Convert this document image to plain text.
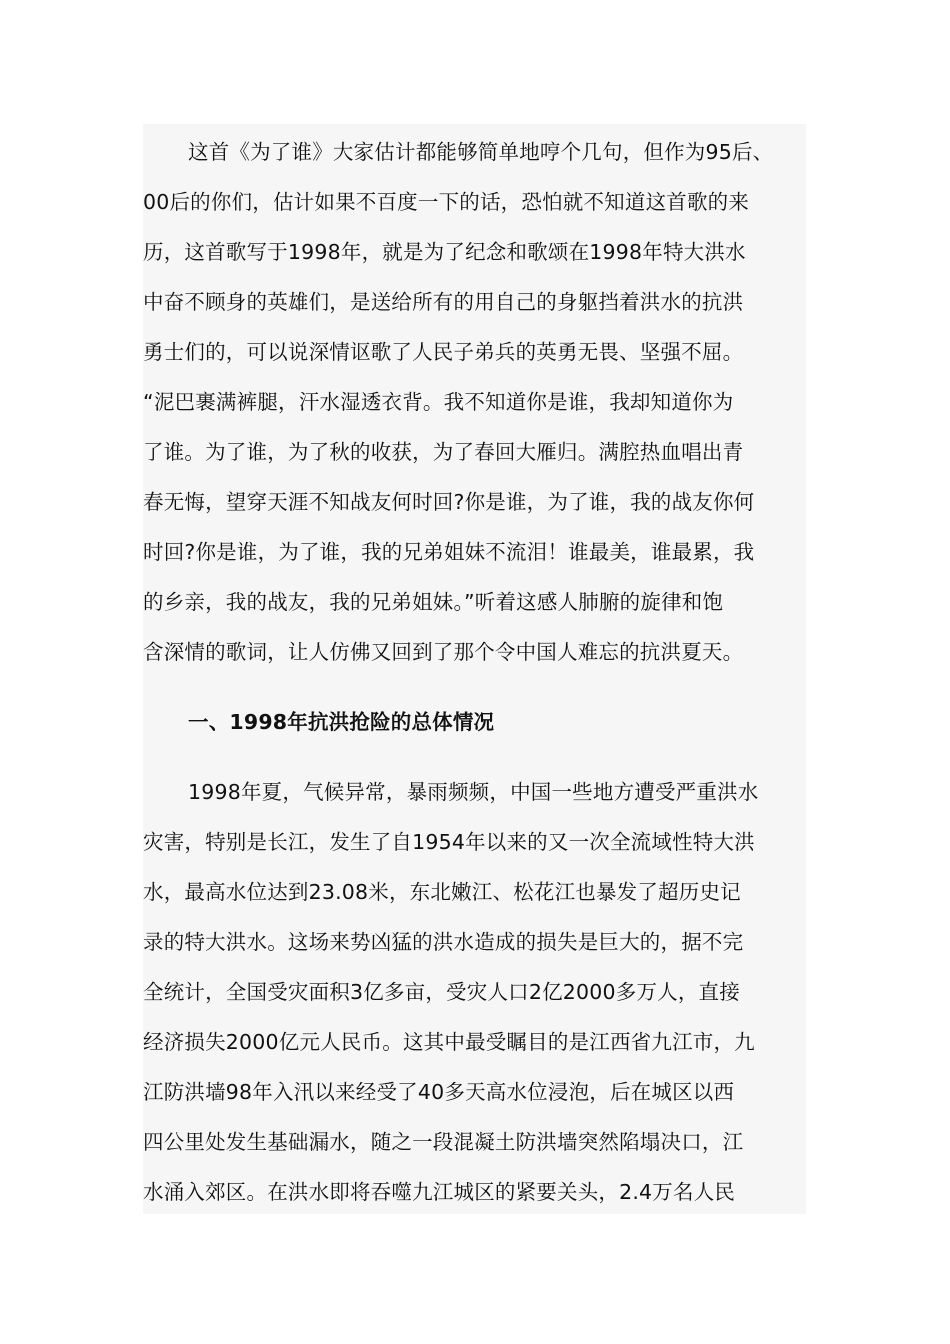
这首《为了谁》大家估计都能够简单地哼个几句，但作为95后、
00后的你们，估计如果不百度一下的话，恐怕就不知道这首歌的来
历，这首歌写于1998年，就是为了纪念和歌颂在1998年特大洪水
中奋不顾身的英雄们，是送给所有的用自己的身躯挡着洪水的抗洪
勇士们的，可以说深情讴歌了人民子弟兵的英勇无畏、坚强不屈。
“泥巴裹满裤腿，汗水湿透衣背。我不知道你是谁，我却知道你为
了谁。为了谁，为了秋的收获，为了春回大雁归。满腔热血唱出青
春无悔，望穿天涯不知战友何时回?你是谁，为了谁，我的战友你何
时回?你是谁，为了谁，我的兄弟姐妹不流泪！谁最美，谁最累，我
的乡亲，我的战友，我的兄弟姐妹。”听着这感人肺腑的旋律和饱
含深情的歌词，让人仿佛又回到了那个令中国人难忘的抗洪夏天。
一、1998年抗洪抢险的总体情况
1998年夏，气候异常，暴雨频频，中国一些地方遭受严重洪水
灾害，特别是长江，发生了自1954年以来的又一次全流域性特大洪
水，最高水位达到23.08米，东北嫩江、松花江也暴发了超历史记
录的特大洪水。这场来势凶猛的洪水造成的损失是巨大的，据不完
全统计，全国受灾面积3亿多亩，受灾人口2亿2000多万人，直接
经济损失2000亿元人民币。这其中最受瞩目的是江西省九江市，九
江防洪墙98年入汛以来经受了40多天高水位浸泡，后在城区以西
四公里处发生基础漏水，随之一段混凝土防洪墙突然陷塌决口，江
水涌入郊区。在洪水即将吞噬九江城区的紧要关头，2.4万名人民
